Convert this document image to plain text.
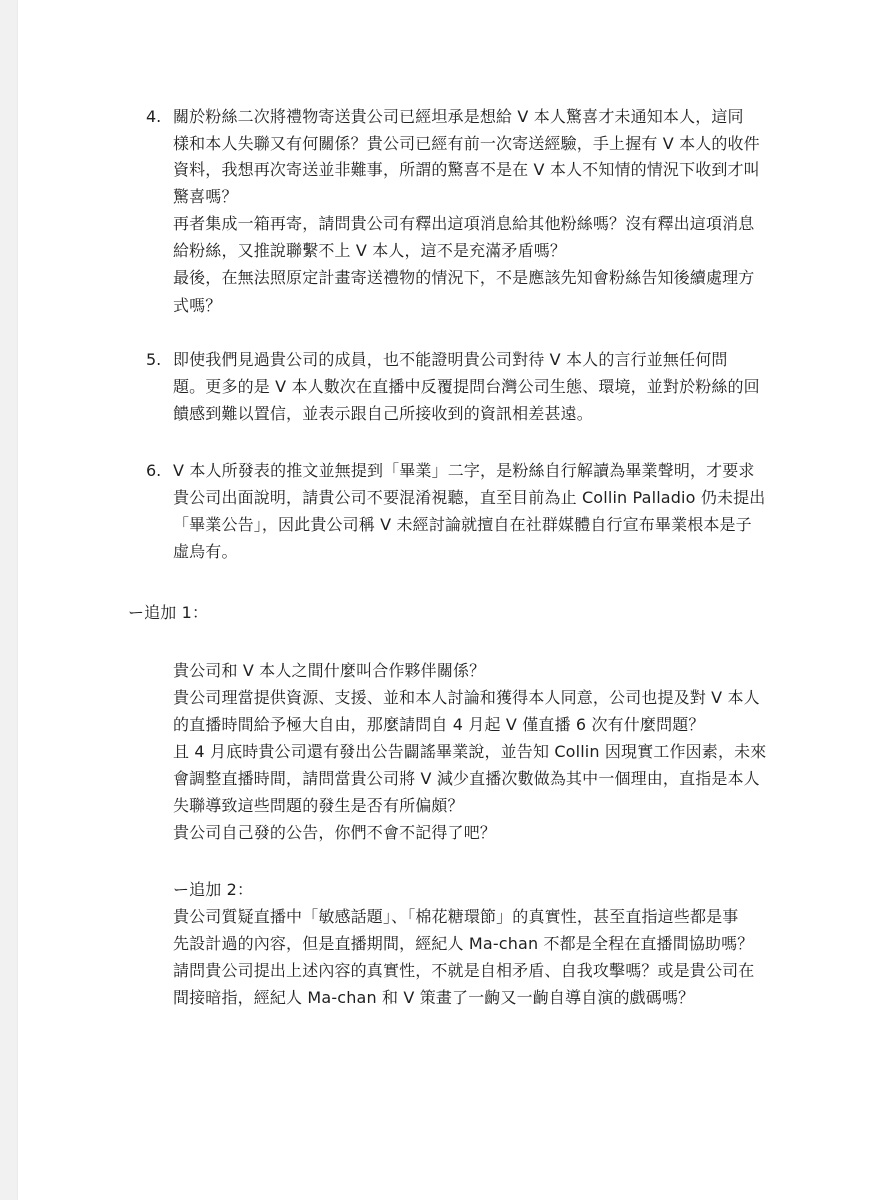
4. 關於粉絲二次將禮物寄送貴公司已經坦承是想給 V 本人驚喜才未通知本人，這同
樣和本人失聯又有何關係？貴公司已經有前一次寄送經驗，手上握有 V 本人的收件
資料，我想再次寄送並非難事，所謂的驚喜不是在 V 本人不知情的情況下收到才叫
驚喜嗎？
再者集成一箱再寄，請問貴公司有釋出這項消息給其他粉絲嗎？沒有釋出這項消息
給粉絲，又推說聯繫不上 V 本人，這不是充滿矛盾嗎？
最後，在無法照原定計畫寄送禮物的情況下，不是應該先知會粉絲告知後續處理方
式嗎？
5. 即使我們見過貴公司的成員，也不能證明貴公司對待 V 本人的言行並無任何問
題。更多的是 V 本人數次在直播中反覆提問台灣公司生態、環境，並對於粉絲的回
饋感到難以置信，並表示跟自己所接收到的資訊相差甚遠。
6. V 本人所發表的推文並無提到「畢業」二字，是粉絲自行解讀為畢業聲明，才要求
貴公司出面說明，請貴公司不要混淆視聽，直至目前為止 Collin Palladio 仍未提出
「畢業公告」，因此貴公司稱 V 未經討論就擅自在社群媒體自行宣布畢業根本是子
虛烏有。
ー追加 1：
貴公司和 V 本人之間什麼叫合作夥伴關係？
貴公司理當提供資源、支援、並和本人討論和獲得本人同意，公司也提及對 V 本人
的直播時間給予極大自由，那麼請問自 4 月起 V 僅直播 6 次有什麼問題？
且 4 月底時貴公司還有發出公告闢謠畢業說，並告知 Collin 因現實工作因素，未來
會調整直播時間，請問當貴公司將 V 減少直播次數做為其中一個理由，直指是本人
失聯導致這些問題的發生是否有所偏頗？
貴公司自己發的公告，你們不會不記得了吧？
ー追加 2：
貴公司質疑直播中「敏感話題」、「棉花糖環節」的真實性，甚至直指這些都是事
先設計過的內容，但是直播期間，經紀人 Ma-chan 不都是全程在直播間協助嗎？
請問貴公司提出上述內容的真實性，不就是自相矛盾、自我攻擊嗎？或是貴公司在
間接暗指，經紀人 Ma-chan 和 V 策畫了一齣又一齣自導自演的戲碼嗎？
